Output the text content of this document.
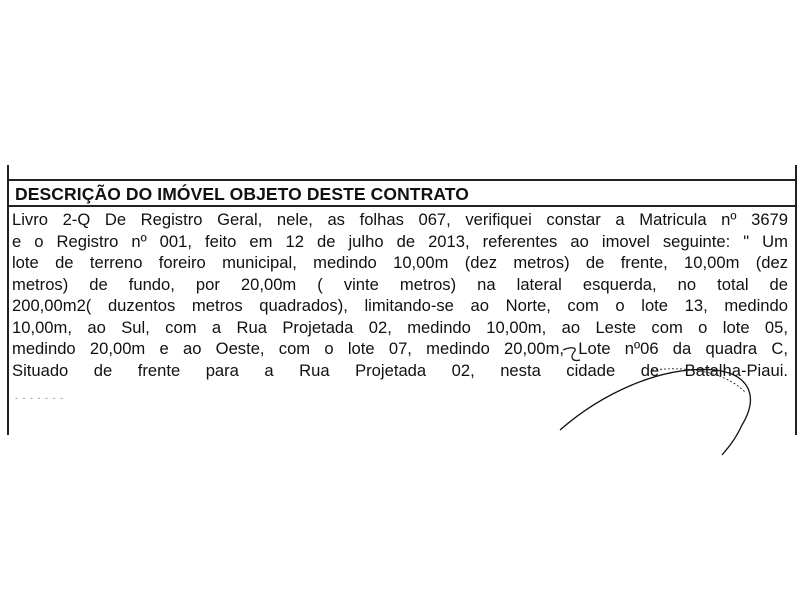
DESCRIÇÃO DO IMÓVEL OBJETO DESTE CONTRATO

Livro 2-Q De Registro Geral, nele, as folhas 067, verifiquei constar a Matricula nº 3679
e o Registro nº 001, feito em 12 de julho de 2013, referentes ao imovel seguinte: " Um
lote de terreno foreiro municipal, medindo 10,00m (dez metros) de frente, 10,00m (dez
metros) de fundo, por 20,00m ( vinte metros) na lateral esquerda, no total de
200,00m2( duzentos metros quadrados), limitando-se ao Norte, com o lote 13, medindo
10,00m, ao Sul, com a Rua Projetada 02, medindo 10,00m, ao Leste com o lote 05,
medindo 20,00m e ao Oeste, com o lote 07, medindo 20,00m, Lote nº06 da quadra C,
Situado de frente para a Rua Projetada 02, nesta cidade de Batalha-Piaui.

- - - - - - -
